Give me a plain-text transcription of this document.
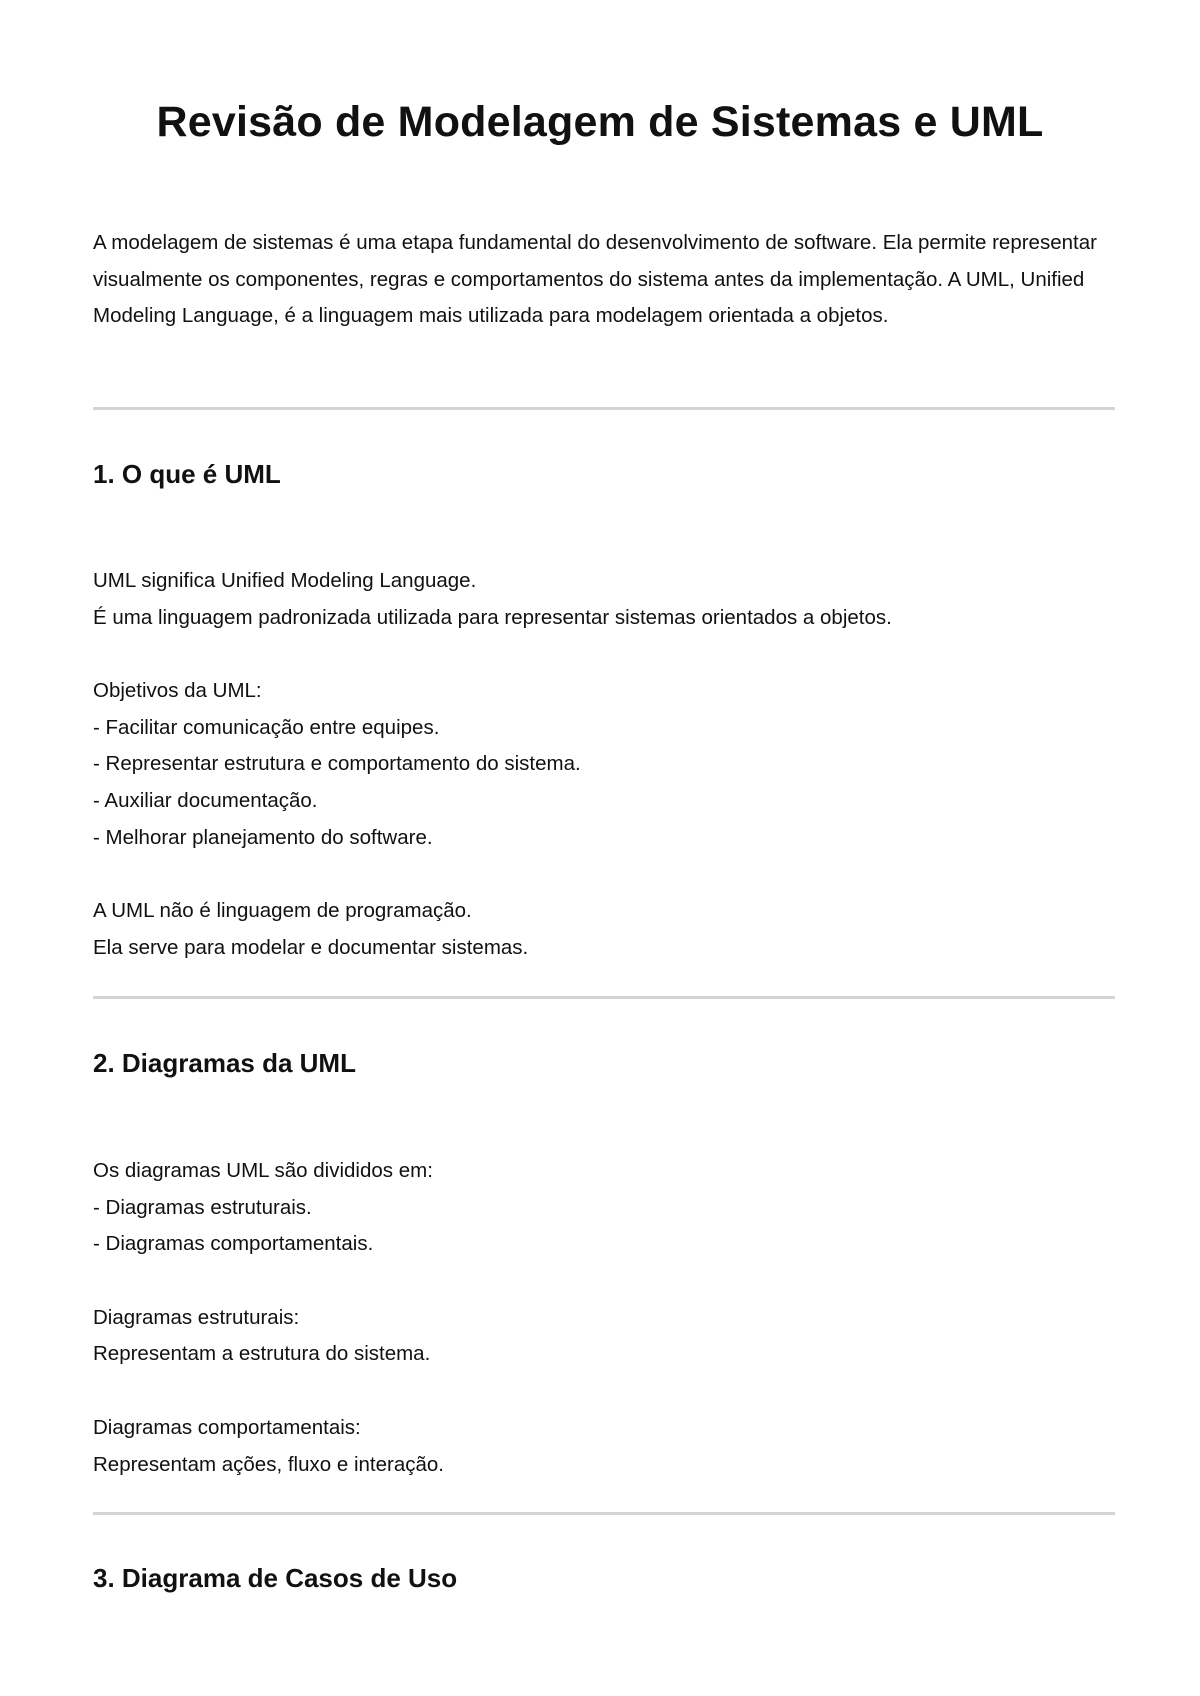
Revisão de Modelagem de Sistemas e UML

A modelagem de sistemas é uma etapa fundamental do desenvolvimento de software. Ela permite representar visualmente os componentes, regras e comportamentos do sistema antes da implementação. A UML, Unified Modeling Language, é a linguagem mais utilizada para modelagem orientada a objetos.

1. O que é UML
UML significa Unified Modeling Language.
É uma linguagem padronizada utilizada para representar sistemas orientados a objetos.
Objetivos da UML:
- Facilitar comunicação entre equipes.
- Representar estrutura e comportamento do sistema.
- Auxiliar documentação.
- Melhorar planejamento do software.
A UML não é linguagem de programação.
Ela serve para modelar e documentar sistemas.
2. Diagramas da UML
Os diagramas UML são divididos em:
- Diagramas estruturais.
- Diagramas comportamentais.
Diagramas estruturais:
Representam a estrutura do sistema.
Diagramas comportamentais:
Representam ações, fluxo e interação.
3. Diagrama de Casos de Uso
